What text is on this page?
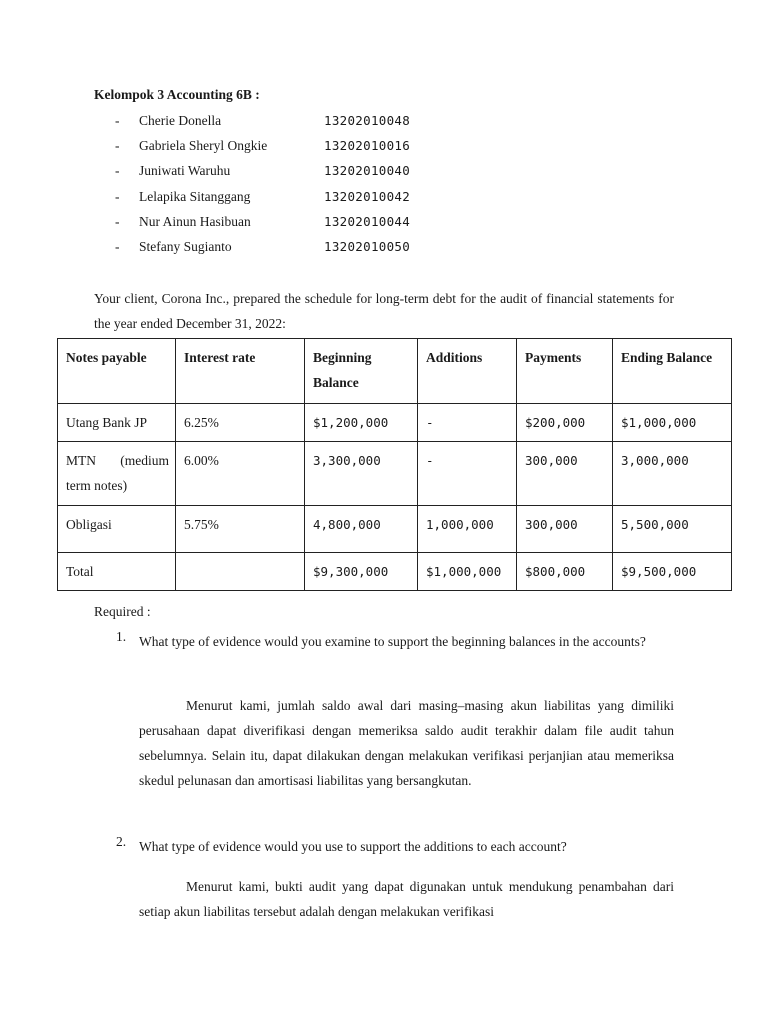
Kelompok 3 Accounting 6B :
- Cherie Donella	13202010048
- Gabriela Sheryl Ongkie	13202010016
- Juniwati Waruhu	13202010040
- Lelapika Sitanggang	13202010042
- Nur Ainun Hasibuan	13202010044
- Stefany Sugianto	13202010050
Your client, Corona Inc., prepared the schedule for long-term debt for the audit of financial statements for the year ended December 31, 2022:
Notes payable	Interest rate	Beginning Balance	Additions	Payments	Ending Balance
Utang Bank JP	6.25%	$1,200,000	-	$200,000	$1,000,000
MTN (medium term notes)	6.00%	3,300,000	-	300,000	3,000,000
Obligasi	5.75%	4,800,000	1,000,000	300,000	5,500,000
Total		$9,300,000	$1,000,000	$800,000	$9,500,000
Required :
1. What type of evidence would you examine to support the beginning balances in the accounts?
Menurut kami, jumlah saldo awal dari masing–masing akun liabilitas yang dimiliki perusahaan dapat diverifikasi dengan memeriksa saldo audit terakhir dalam file audit tahun sebelumnya. Selain itu, dapat dilakukan dengan melakukan verifikasi perjanjian atau memeriksa skedul pelunasan dan amortisasi liabilitas yang bersangkutan.
2. What type of evidence would you use to support the additions to each account?
Menurut kami, bukti audit yang dapat digunakan untuk mendukung penambahan dari setiap akun liabilitas tersebut adalah dengan melakukan verifikasi
